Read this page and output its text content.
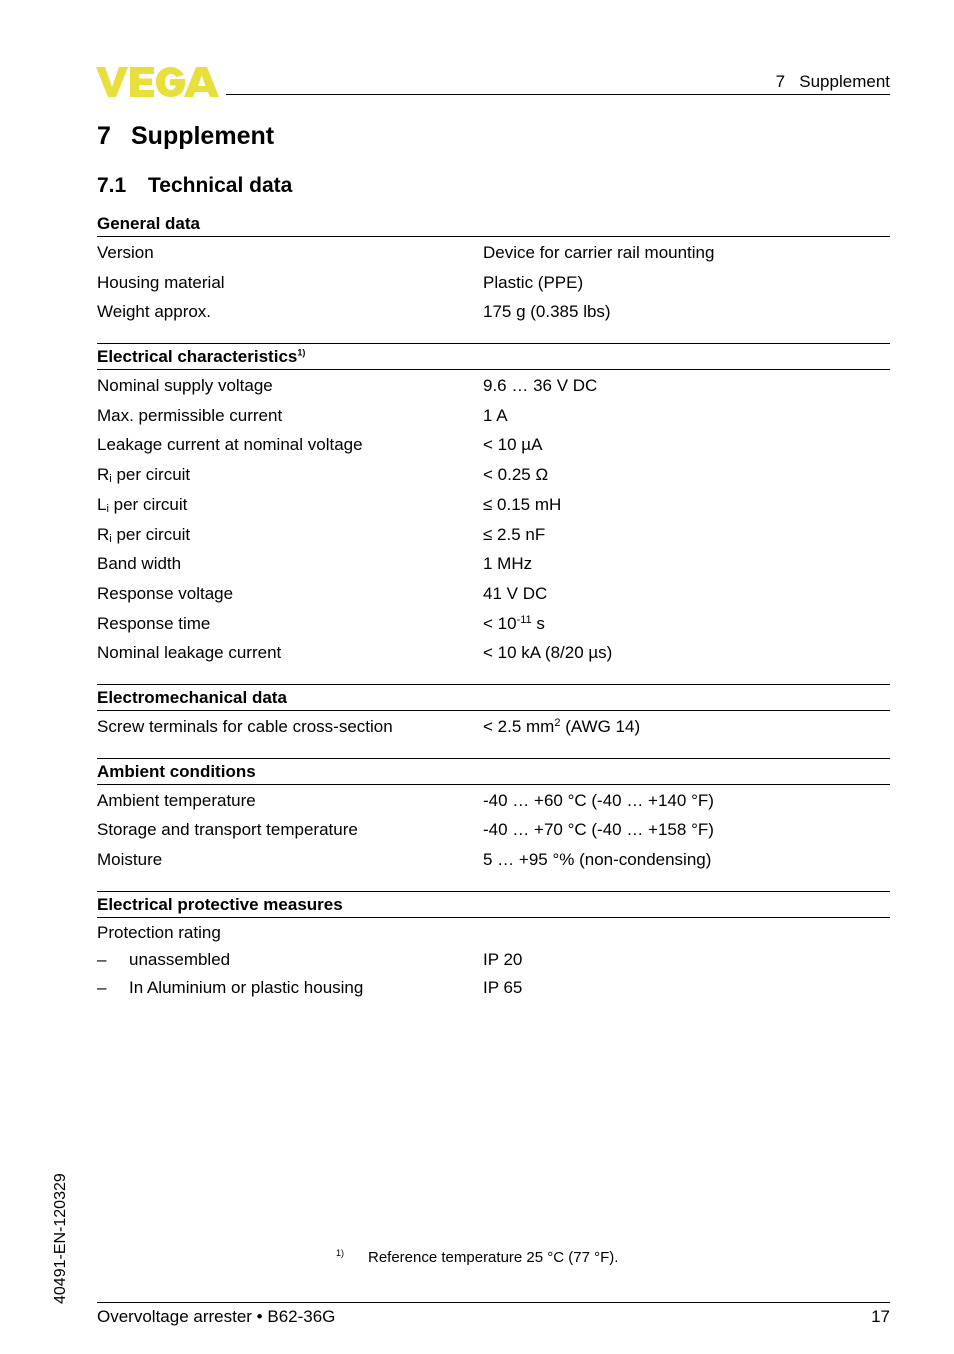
7   Supplement
7 Supplement
7.1 Technical data
General data
Version	Device for carrier rail mounting
Housing material	Plastic (PPE)
Weight approx.	175 g (0.385 lbs)
Electrical characteristics$^{1)}$
Nominal supply voltage	9.6 … 36 V DC
Max. permissible current	1 A
Leakage current at nominal voltage	< 10 µA
$R_i$ per circuit	< 0.25 Ω
$L_i$ per circuit	≤ 0.15 mH
$R_i$ per circuit	≤ 2.5 nF
Band width	1 MHz
Response voltage	41 V DC
Response time	< $10^{-11}$ s
Nominal leakage current	< 10 kA (8/20 µs)
Electromechanical data
Screw terminals for cable cross-section	< 2.5 $mm^2$ (AWG 14)
Ambient conditions
Ambient temperature	-40 … +60 °C (-40 … +140 °F)
Storage and transport temperature	-40 … +70 °C (-40 … +158 °F)
Moisture	5 … +95 °% (non-condensing)
Electrical protective measures
Protection rating
– unassembled	IP 20
– In Aluminium or plastic housing	IP 65
40491-EN-120329	1) Reference temperature 25 °C (77 °F).
Overvoltage arrester • B62-36G	17
